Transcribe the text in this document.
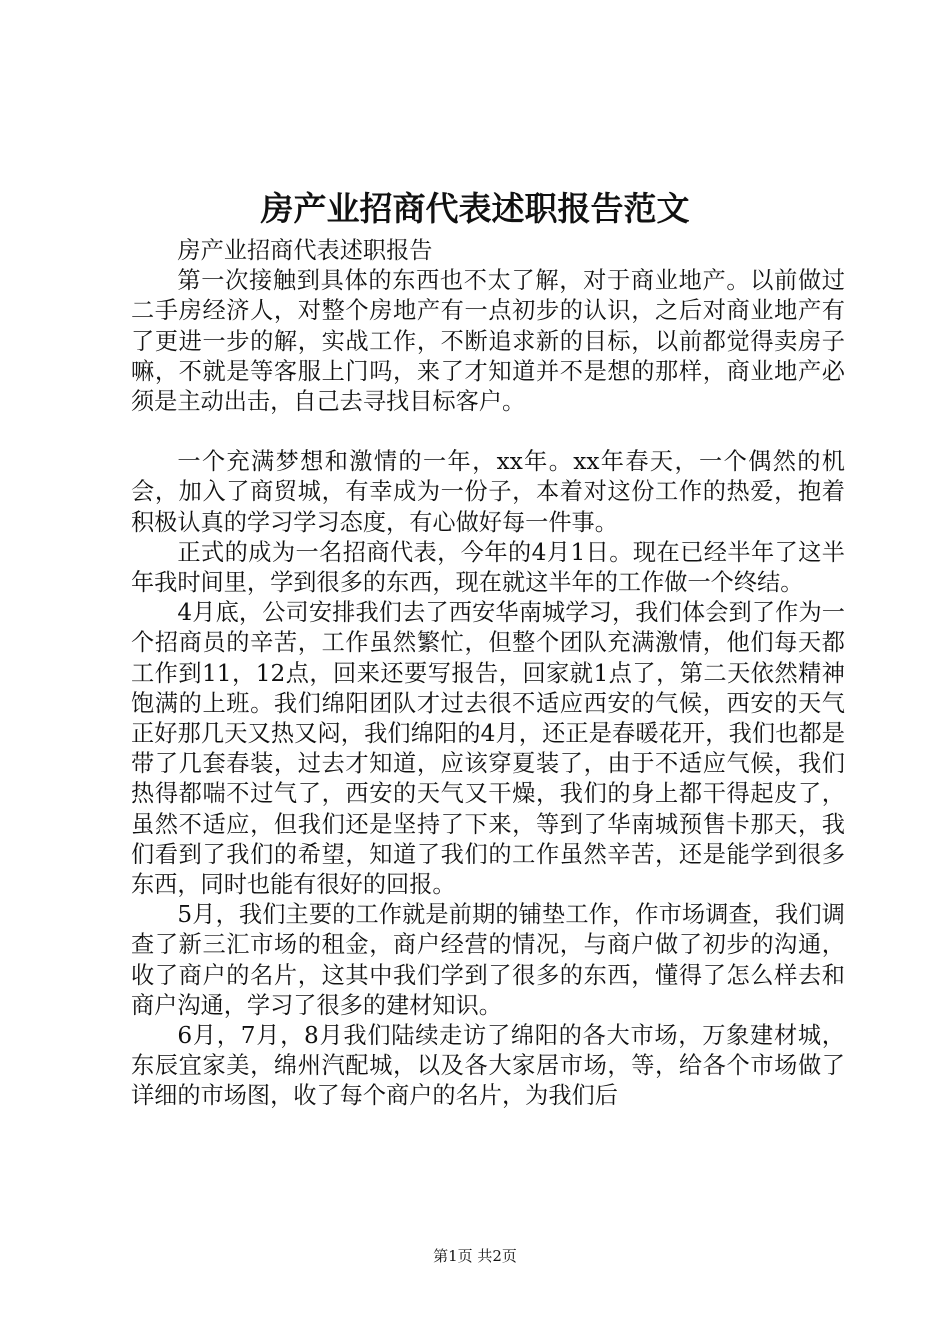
房产业招商代表述职报告范文

房产业招商代表述职报告

第一次接触到具体的东西也不太了解，对于商业地产。以前做过二手房经济人，对整个房地产有一点初步的认识，之后对商业地产有了更进一步的解，实战工作，不断追求新的目标，以前都觉得卖房子嘛，不就是等客服上门吗，来了才知道并不是想的那样，商业地产必须是主动出击，自己去寻找目标客户。

一个充满梦想和激情的一年，xx年。xx年春天，一个偶然的机会，加入了商贸城，有幸成为一份子，本着对这份工作的热爱，抱着积极认真的学习学习态度，有心做好每一件事。

正式的成为一名招商代表，今年的4月1日。现在已经半年了这半年我时间里，学到很多的东西，现在就这半年的工作做一个终结。

4月底，公司安排我们去了西安华南城学习，我们体会到了作为一个招商员的辛苦，工作虽然繁忙，但整个团队充满激情，他们每天都工作到11，12点，回来还要写报告，回家就1点了，第二天依然精神饱满的上班。我们绵阳团队才过去很不适应西安的气候，西安的天气正好那几天又热又闷，我们绵阳的4月，还正是春暖花开，我们也都是带了几套春装，过去才知道，应该穿夏装了，由于不适应气候，我们热得都喘不过气了，西安的天气又干燥，我们的身上都干得起皮了，虽然不适应，但我们还是坚持了下来，等到了华南城预售卡那天，我们看到了我们的希望，知道了我们的工作虽然辛苦，还是能学到很多东西，同时也能有很好的回报。

5月，我们主要的工作就是前期的铺垫工作，作市场调查，我们调查了新三汇市场的租金，商户经营的情况，与商户做了初步的沟通，收了商户的名片，这其中我们学到了很多的东西，懂得了怎么样去和商户沟通，学习了很多的建材知识。

6月，7月，8月我们陆续走访了绵阳的各大市场，万象建材城，东辰宜家美，绵州汽配城，以及各大家居市场，等，给各个市场做了详细的市场图，收了每个商户的名片，为我们后

第1页 共2页
